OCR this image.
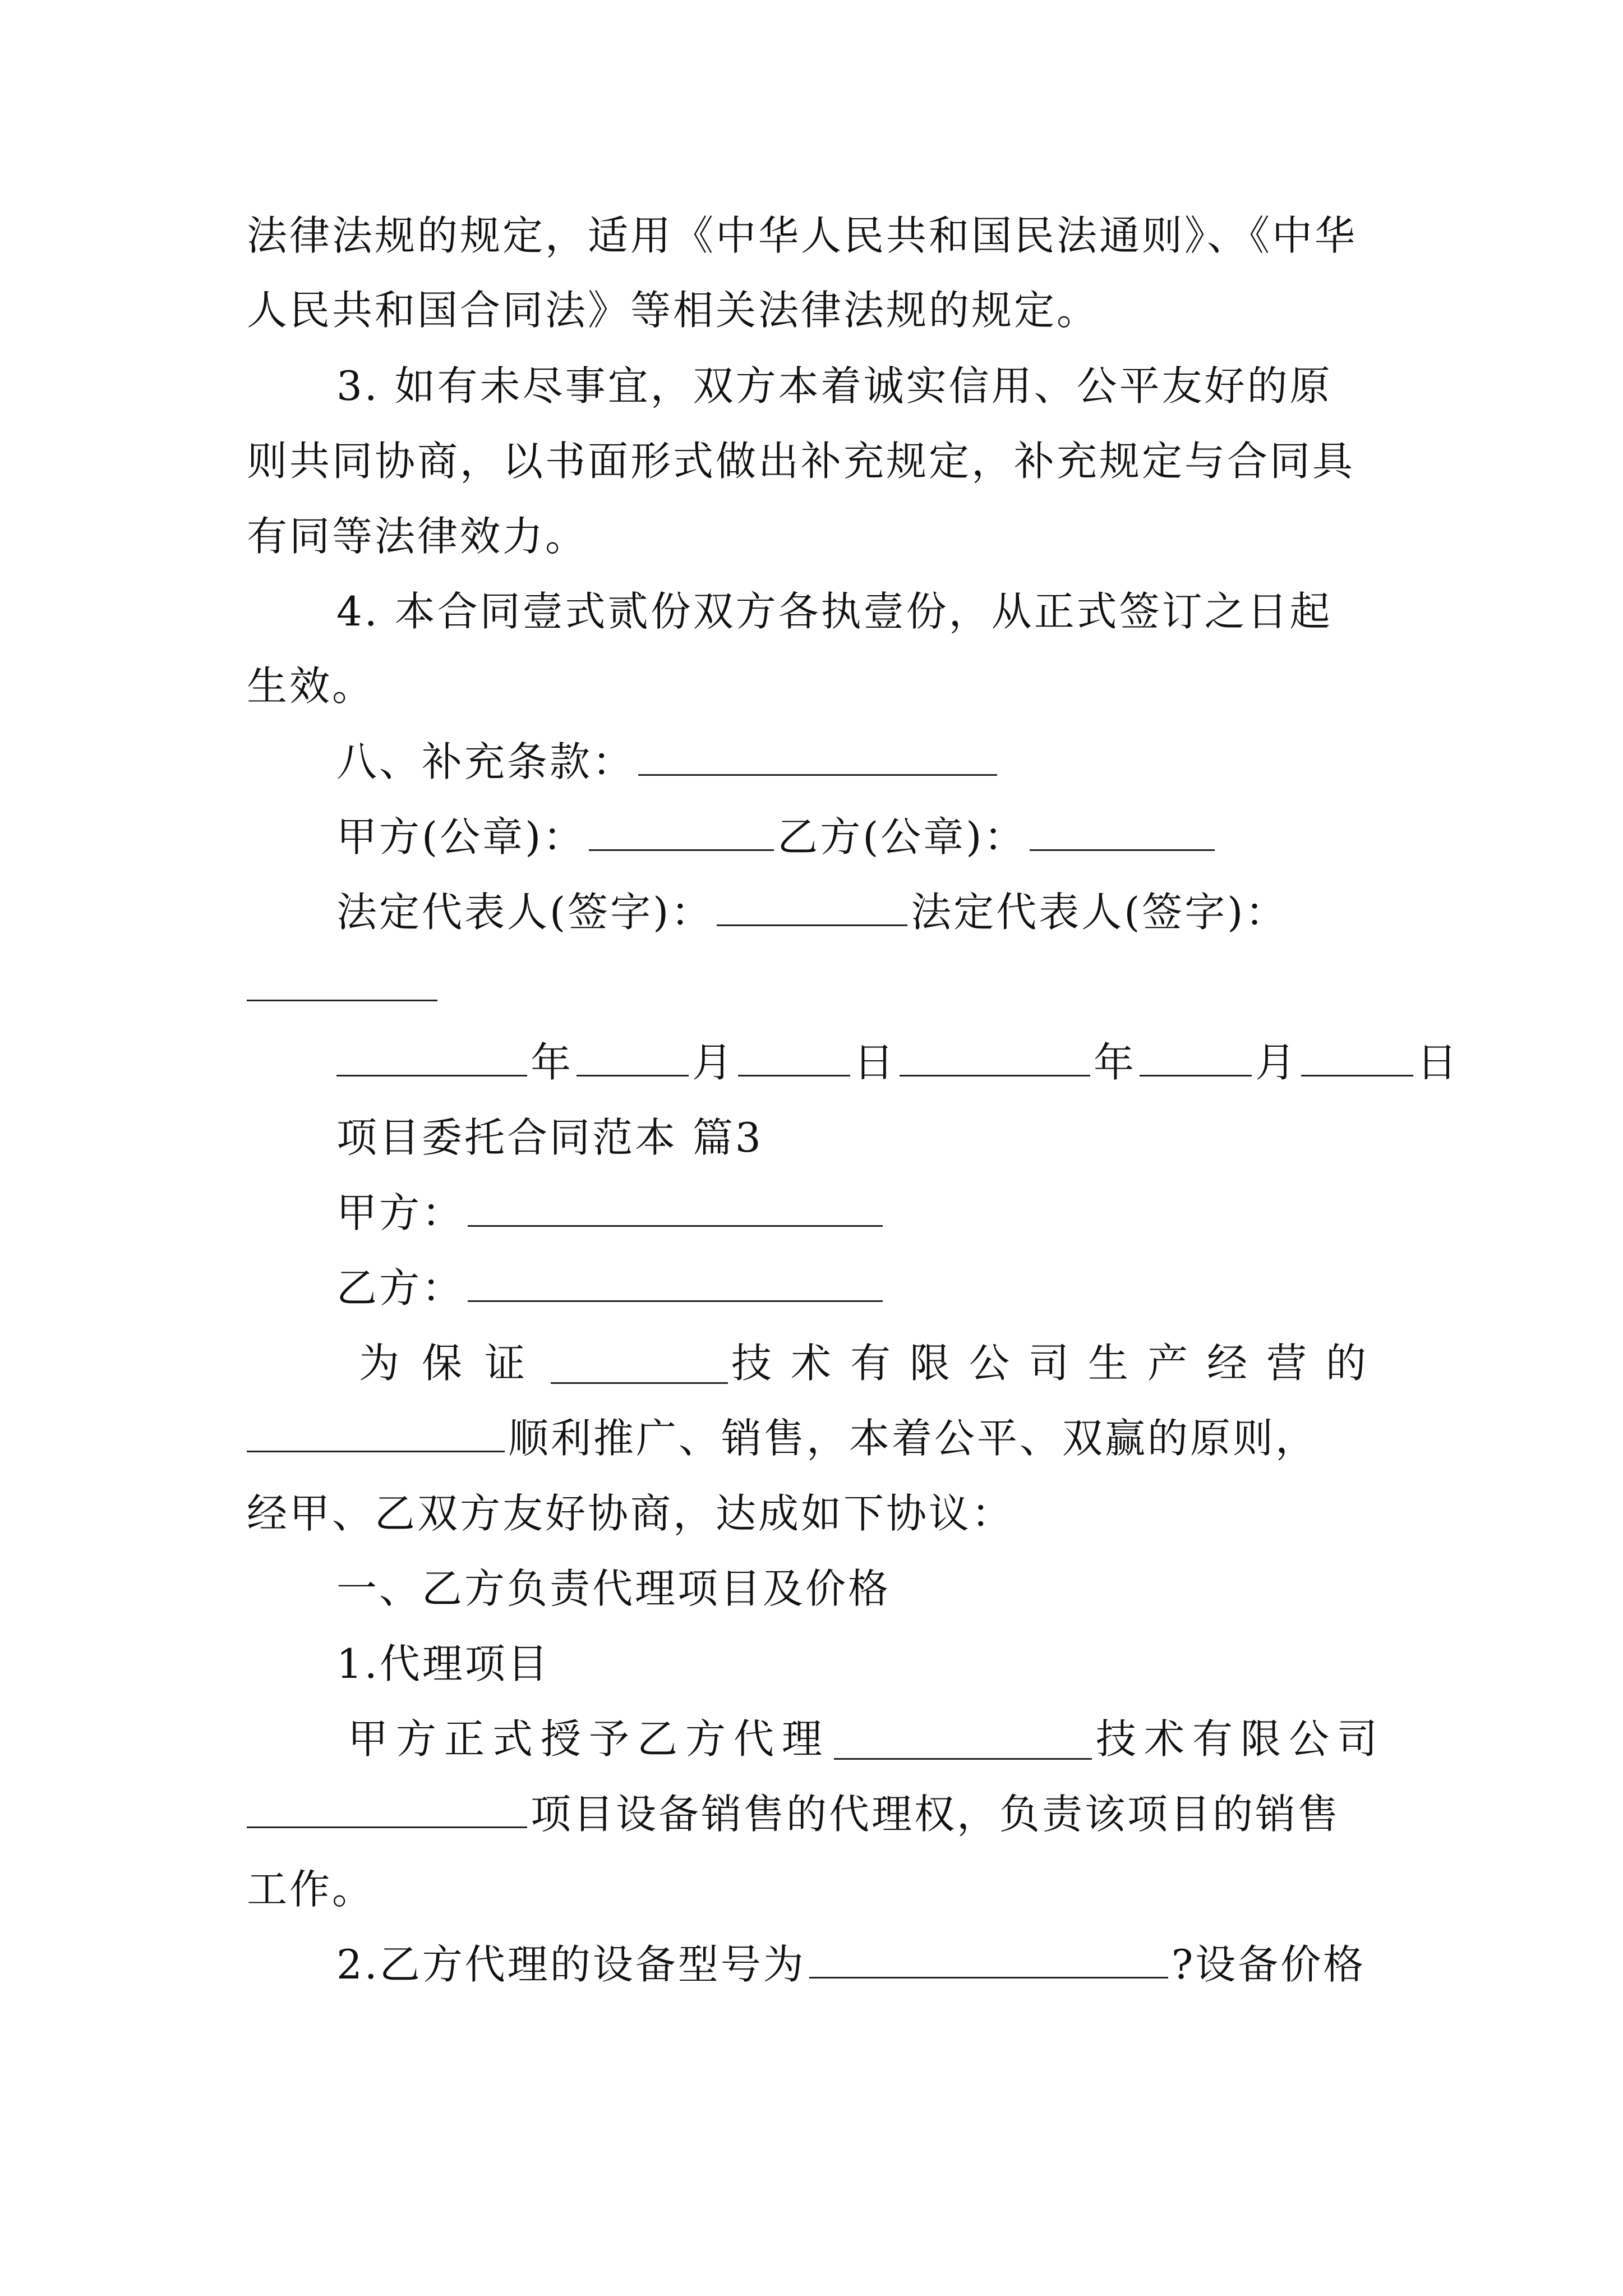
法律法规的规定，适用《中华人民共和国民法通则》、《中华
人民共和国合同法》等相关法律法规的规定。
3. 如有未尽事宜，双方本着诚实信用、公平友好的原
则共同协商，以书面形式做出补充规定，补充规定与合同具
有同等法律效力。
4. 本合同壹式贰份双方各执壹份，从正式签订之日起
生效。
八、补充条款：
甲方(公章)：	乙方(公章)：
法定代表人(签字)：	法定代表人(签字)：
年	月	日	年	月	日
项目委托合同范本 篇3
甲方：
乙方：
为保证	技术有限公司生产经营的
顺利推广、销售，本着公平、双赢的原则，
经甲、乙双方友好协商，达成如下协议：
一、乙方负责代理项目及价格
1.代理项目
甲方正式授予乙方代理	技术有限公司
项目设备销售的代理权，负责该项目的销售
工作。
2.乙方代理的设备型号为	?设备价格
